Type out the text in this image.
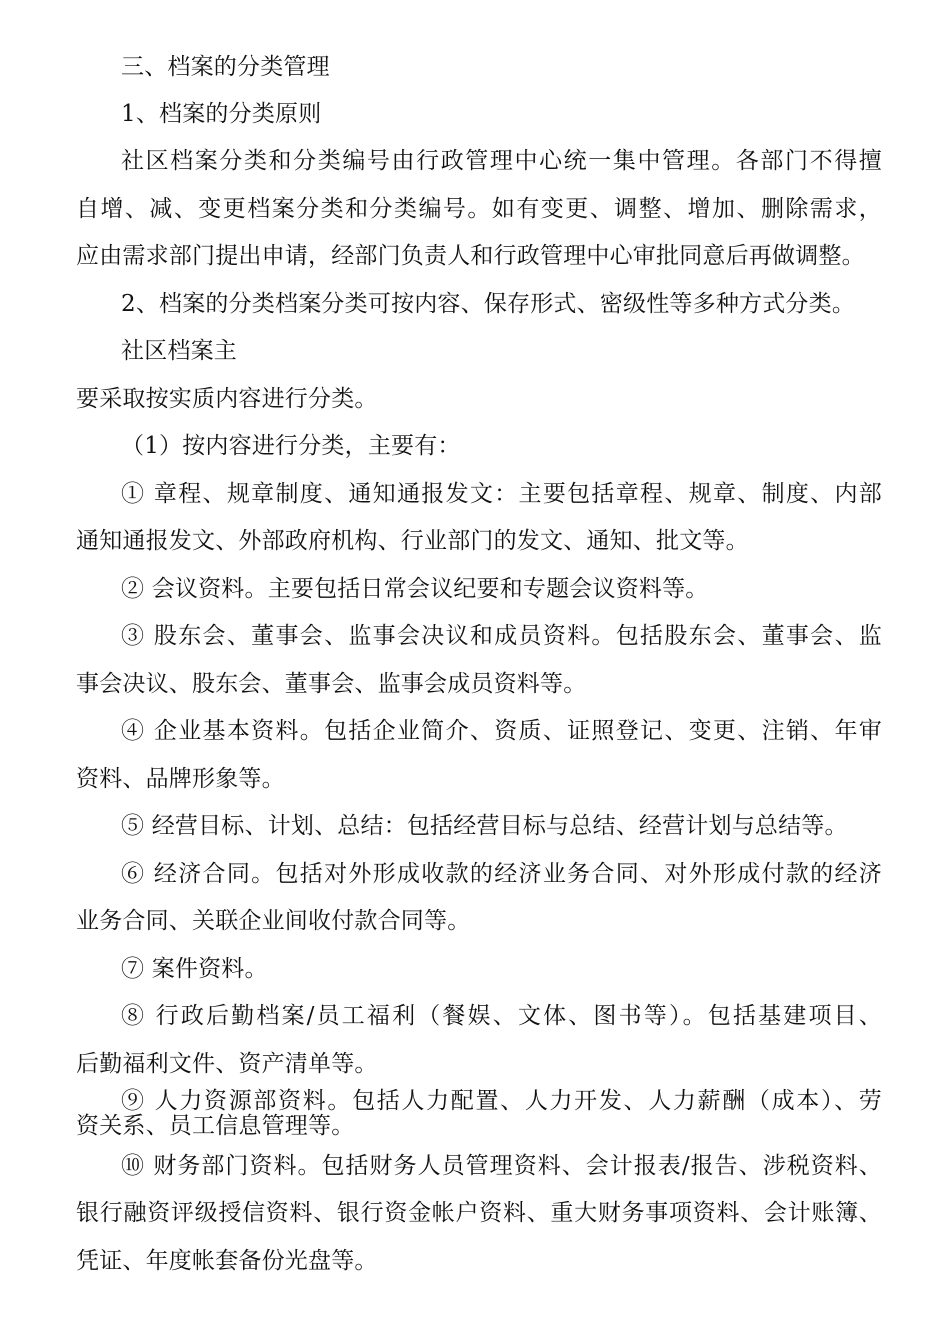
三、档案的分类管理
1、档案的分类原则
社区档案分类和分类编号由行政管理中心统一集中管理。各部门不得擅
自增、减、变更档案分类和分类编号。如有变更、调整、增加、删除需求，
应由需求部门提出申请，经部门负责人和行政管理中心审批同意后再做调整。
2、档案的分类档案分类可按内容、保存形式、密级性等多种方式分类。
社区档案主
要采取按实质内容进行分类。
（1）按内容进行分类，主要有：
① 章程、规章制度、通知通报发文：主要包括章程、规章、制度、内部
通知通报发文、外部政府机构、行业部门的发文、通知、批文等。
② 会议资料。主要包括日常会议纪要和专题会议资料等。
③ 股东会、董事会、监事会决议和成员资料。包括股东会、董事会、监
事会决议、股东会、董事会、监事会成员资料等。
④ 企业基本资料。包括企业简介、资质、证照登记、变更、注销、年审
资料、品牌形象等。
⑤ 经营目标、计划、总结：包括经营目标与总结、经营计划与总结等。
⑥ 经济合同。包括对外形成收款的经济业务合同、对外形成付款的经济
业务合同、关联企业间收付款合同等。
⑦ 案件资料。
⑧ 行政后勤档案/员工福利（餐娱、文体、图书等）。包括基建项目、
后勤福利文件、资产清单等。
⑨ 人力资源部资料。包括人力配置、人力开发、人力薪酬（成本）、劳
资关系、员工信息管理等。
⑩ 财务部门资料。包括财务人员管理资料、会计报表/报告、涉税资料、
银行融资评级授信资料、银行资金帐户资料、重大财务事项资料、会计账簿、
凭证、年度帐套备份光盘等。
